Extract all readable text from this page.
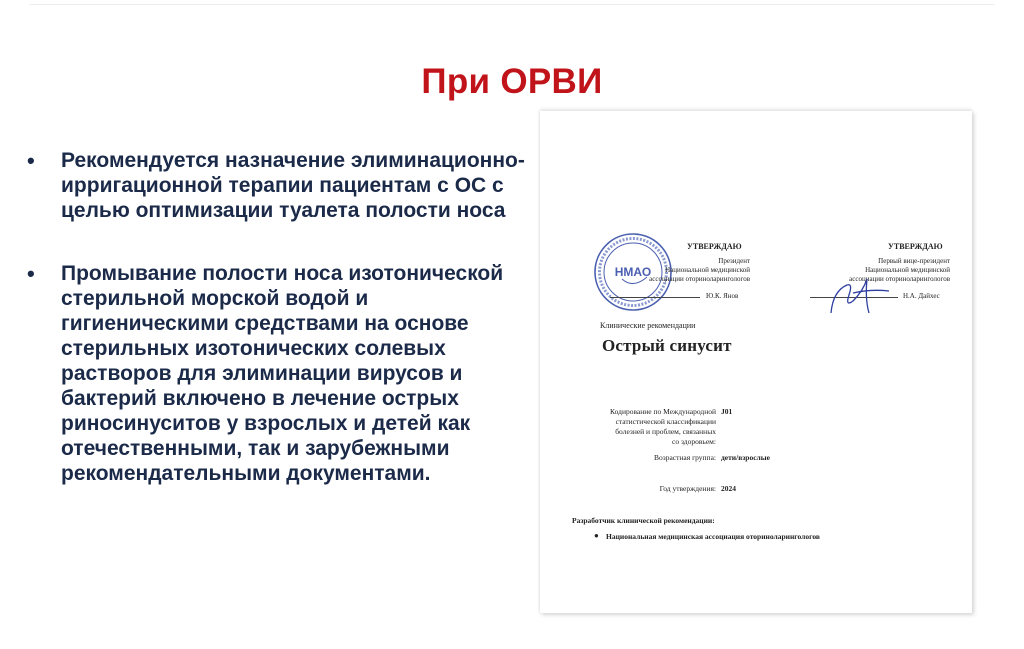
При ОРВИ
•	Рекомендуется назначение элиминационно-ирригационной терапии пациентам с ОС с целью оптимизации туалета полости носа
•	Промывание полости носа изотонической стерильной морской водой и гигиеническими средствами на основе стерильных изотонических солевых растворов для элиминации вирусов и бактерий включено в лечение острых риносинуситов у взрослых и детей как отечественными, так и зарубежными рекомендательными документами.
НМАО
УТВЕРЖДАЮ
Президент
Национальной медицинской
ассоциации оториноларингологов
Ю.К. Янов
УТВЕРЖДАЮ
Первый вице-президент
Национальной медицинской
ассоциации оториноларингологов
Н.А. Дайхес
Клинические рекомендации
Острый синусит
Кодирование по Международной
статистической классификации
болезней и проблем, связанных
со здоровьем:
J01
Возрастная группа: дети/взрослые
Год утверждения: 2024
Разработчик клинической рекомендации:
● Национальная медицинская ассоциация оториноларингологов
